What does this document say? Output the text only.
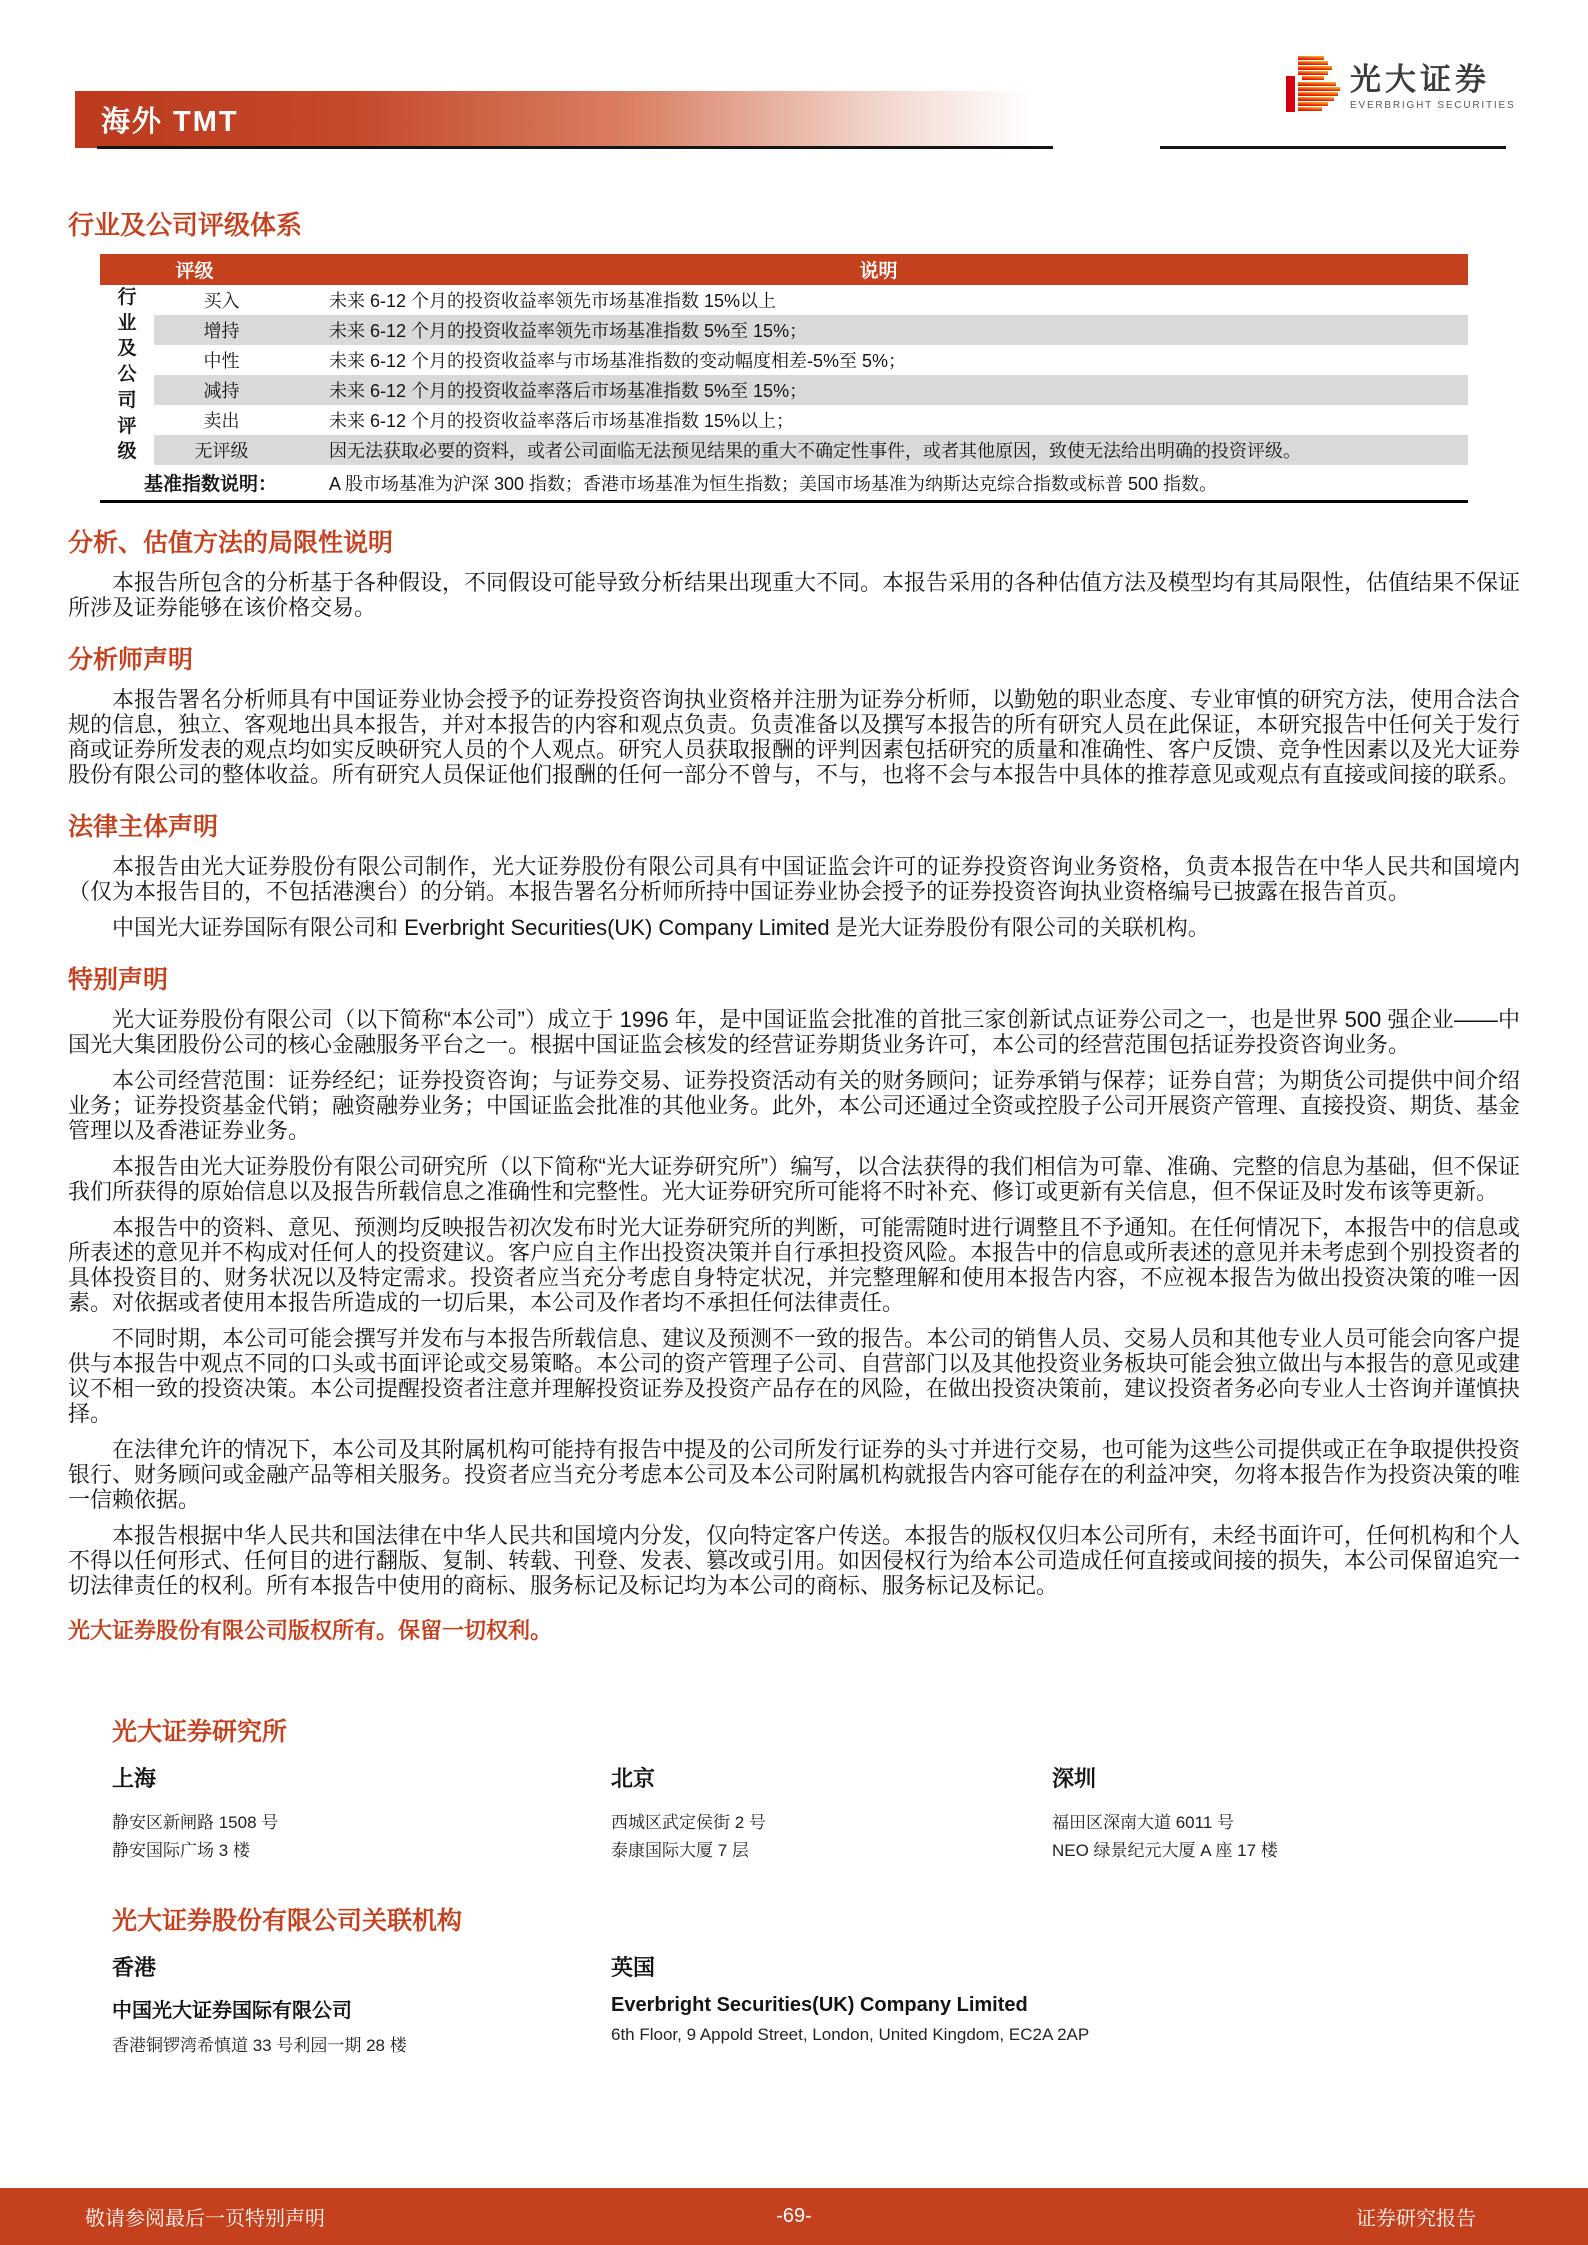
海外 TMT
光大证券
EVERBRIGHT SECURITIES
行业及公司评级体系
评级	说明
行业及公司评级
买入	未来 6-12 个月的投资收益率领先市场基准指数 15%以上
增持	未来 6-12 个月的投资收益率领先市场基准指数 5%至 15%；
中性	未来 6-12 个月的投资收益率与市场基准指数的变动幅度相差-5%至 5%；
减持	未来 6-12 个月的投资收益率落后市场基准指数 5%至 15%；
卖出	未来 6-12 个月的投资收益率落后市场基准指数 15%以上；
无评级	因无法获取必要的资料，或者公司面临无法预见结果的重大不确定性事件，或者其他原因，致使无法给出明确的投资评级。
基准指数说明：	A 股市场基准为沪深 300 指数；香港市场基准为恒生指数；美国市场基准为纳斯达克综合指数或标普 500 指数。
分析、估值方法的局限性说明

本报告所包含的分析基于各种假设，不同假设可能导致分析结果出现重大不同。本报告采用的各种估值方法及模型均有其局限性，估值结果不保证所涉及证券能够在该价格交易。

分析师声明

本报告署名分析师具有中国证券业协会授予的证券投资咨询执业资格并注册为证券分析师，以勤勉的职业态度、专业审慎的研究方法，使用合法合规的信息，独立、客观地出具本报告，并对本报告的内容和观点负责。负责准备以及撰写本报告的所有研究人员在此保证，本研究报告中任何关于发行商或证券所发表的观点均如实反映研究人员的个人观点。研究人员获取报酬的评判因素包括研究的质量和准确性、客户反馈、竞争性因素以及光大证券股份有限公司的整体收益。所有研究人员保证他们报酬的任何一部分不曾与，不与，也将不会与本报告中具体的推荐意见或观点有直接或间接的联系。

法律主体声明

本报告由光大证券股份有限公司制作，光大证券股份有限公司具有中国证监会许可的证券投资咨询业务资格，负责本报告在中华人民共和国境内（仅为本报告目的，不包括港澳台）的分销。本报告署名分析师所持中国证券业协会授予的证券投资咨询执业资格编号已披露在报告首页。

中国光大证券国际有限公司和 Everbright Securities(UK) Company Limited 是光大证券股份有限公司的关联机构。

特别声明

光大证券股份有限公司（以下简称“本公司”）成立于 1996 年，是中国证监会批准的首批三家创新试点证券公司之一，也是世界 500 强企业——中国光大集团股份公司的核心金融服务平台之一。根据中国证监会核发的经营证券期货业务许可，本公司的经营范围包括证券投资咨询业务。

本公司经营范围：证券经纪；证券投资咨询；与证券交易、证券投资活动有关的财务顾问；证券承销与保荐；证券自营；为期货公司提供中间介绍业务；证券投资基金代销；融资融券业务；中国证监会批准的其他业务。此外，本公司还通过全资或控股子公司开展资产管理、直接投资、期货、基金管理以及香港证券业务。

本报告由光大证券股份有限公司研究所（以下简称“光大证券研究所”）编写，以合法获得的我们相信为可靠、准确、完整的信息为基础，但不保证我们所获得的原始信息以及报告所载信息之准确性和完整性。光大证券研究所可能将不时补充、修订或更新有关信息，但不保证及时发布该等更新。

本报告中的资料、意见、预测均反映报告初次发布时光大证券研究所的判断，可能需随时进行调整且不予通知。在任何情况下，本报告中的信息或所表述的意见并不构成对任何人的投资建议。客户应自主作出投资决策并自行承担投资风险。本报告中的信息或所表述的意见并未考虑到个别投资者的具体投资目的、财务状况以及特定需求。投资者应当充分考虑自身特定状况，并完整理解和使用本报告内容，不应视本报告为做出投资决策的唯一因素。对依据或者使用本报告所造成的一切后果，本公司及作者均不承担任何法律责任。

不同时期，本公司可能会撰写并发布与本报告所载信息、建议及预测不一致的报告。本公司的销售人员、交易人员和其他专业人员可能会向客户提供与本报告中观点不同的口头或书面评论或交易策略。本公司的资产管理子公司、自营部门以及其他投资业务板块可能会独立做出与本报告的意见或建议不相一致的投资决策。本公司提醒投资者注意并理解投资证券及投资产品存在的风险，在做出投资决策前，建议投资者务必向专业人士咨询并谨慎抉择。

在法律允许的情况下，本公司及其附属机构可能持有报告中提及的公司所发行证券的头寸并进行交易，也可能为这些公司提供或正在争取提供投资银行、财务顾问或金融产品等相关服务。投资者应当充分考虑本公司及本公司附属机构就报告内容可能存在的利益冲突，勿将本报告作为投资决策的唯一信赖依据。

本报告根据中华人民共和国法律在中华人民共和国境内分发，仅向特定客户传送。本报告的版权仅归本公司所有，未经书面许可，任何机构和个人不得以任何形式、任何目的进行翻版、复制、转载、刊登、发表、篡改或引用。如因侵权行为给本公司造成任何直接或间接的损失，本公司保留追究一切法律责任的权利。所有本报告中使用的商标、服务标记及标记均为本公司的商标、服务标记及标记。

光大证券股份有限公司版权所有。保留一切权利。

光大证券研究所
上海
静安区新闸路 1508 号
静安国际广场 3 楼
北京
西城区武定侯街 2 号
泰康国际大厦 7 层
深圳
福田区深南大道 6011 号
NEO 绿景纪元大厦 A 座 17 楼
光大证券股份有限公司关联机构
香港
中国光大证券国际有限公司
香港铜锣湾希慎道 33 号利园一期 28 楼
英国
Everbright Securities(UK) Company Limited
6th Floor, 9 Appold Street, London, United Kingdom, EC2A 2AP
敬请参阅最后一页特别声明	-69-	证券研究报告
